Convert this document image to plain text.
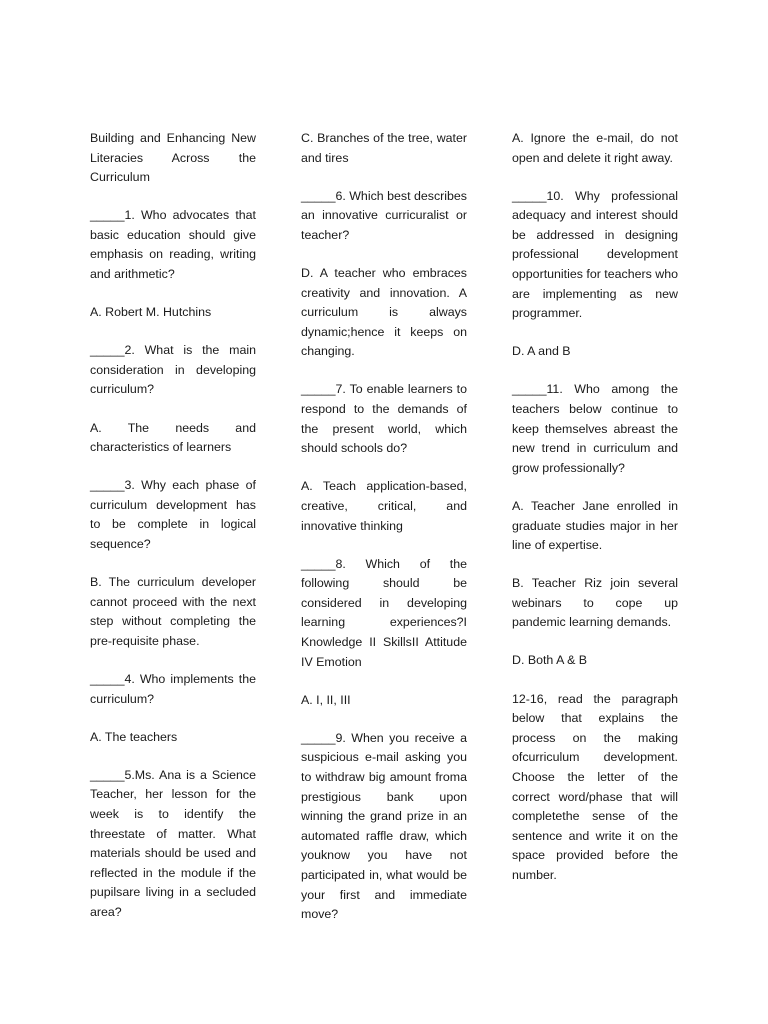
Building and Enhancing New Literacies Across the Curriculum

_____1. Who advocates that basic education should give emphasis on reading, writing and arithmetic?

A. Robert M. Hutchins

_____2. What is the main consideration in developing curriculum?

A. The needs and characteristics of learners

_____3. Why each phase of curriculum development has to be complete in logical sequence?

B. The curriculum developer cannot proceed with the next step without completing the pre-requisite phase.

_____4. Who implements the curriculum?

A. The teachers

_____5.Ms. Ana is a Science Teacher, her lesson for the week is to identify the threestate of matter. What materials should be used and reflected in the module if the pupilsare living in a secluded area?

C. Branches of the tree, water and tires

_____6. Which best describes an innovative curricuralist or teacher?

D. A teacher who embraces creativity and innovation. A curriculum is always dynamic;hence it keeps on changing.

_____7. To enable learners to respond to the demands of the present world, which should schools do?

A. Teach application-based, creative, critical, and innovative thinking

_____8. Which of the following should be considered in developing learning experiences?I Knowledge II SkillsII Attitude IV Emotion

A. I, II, III

_____9. When you receive a suspicious e-mail asking you to withdraw big amount froma prestigious bank upon winning the grand prize in an automated raffle draw, which youknow you have not participated in, what would be your first and immediate move?

A. Ignore the e-mail, do not open and delete it right away.

_____10. Why professional adequacy and interest should be addressed in designing professional development opportunities for teachers who are implementing as new programmer.

D. A and B

_____11. Who among the teachers below continue to keep themselves abreast the new trend in curriculum and grow professionally?

A. Teacher Jane enrolled in graduate studies major in her line of expertise.

B. Teacher Riz join several webinars to cope up pandemic learning demands.

D. Both A & B

12-16, read the paragraph below that explains the process on the making ofcurriculum development. Choose the letter of the correct word/phase that will completethe sense of the sentence and write it on the space provided before the number.
